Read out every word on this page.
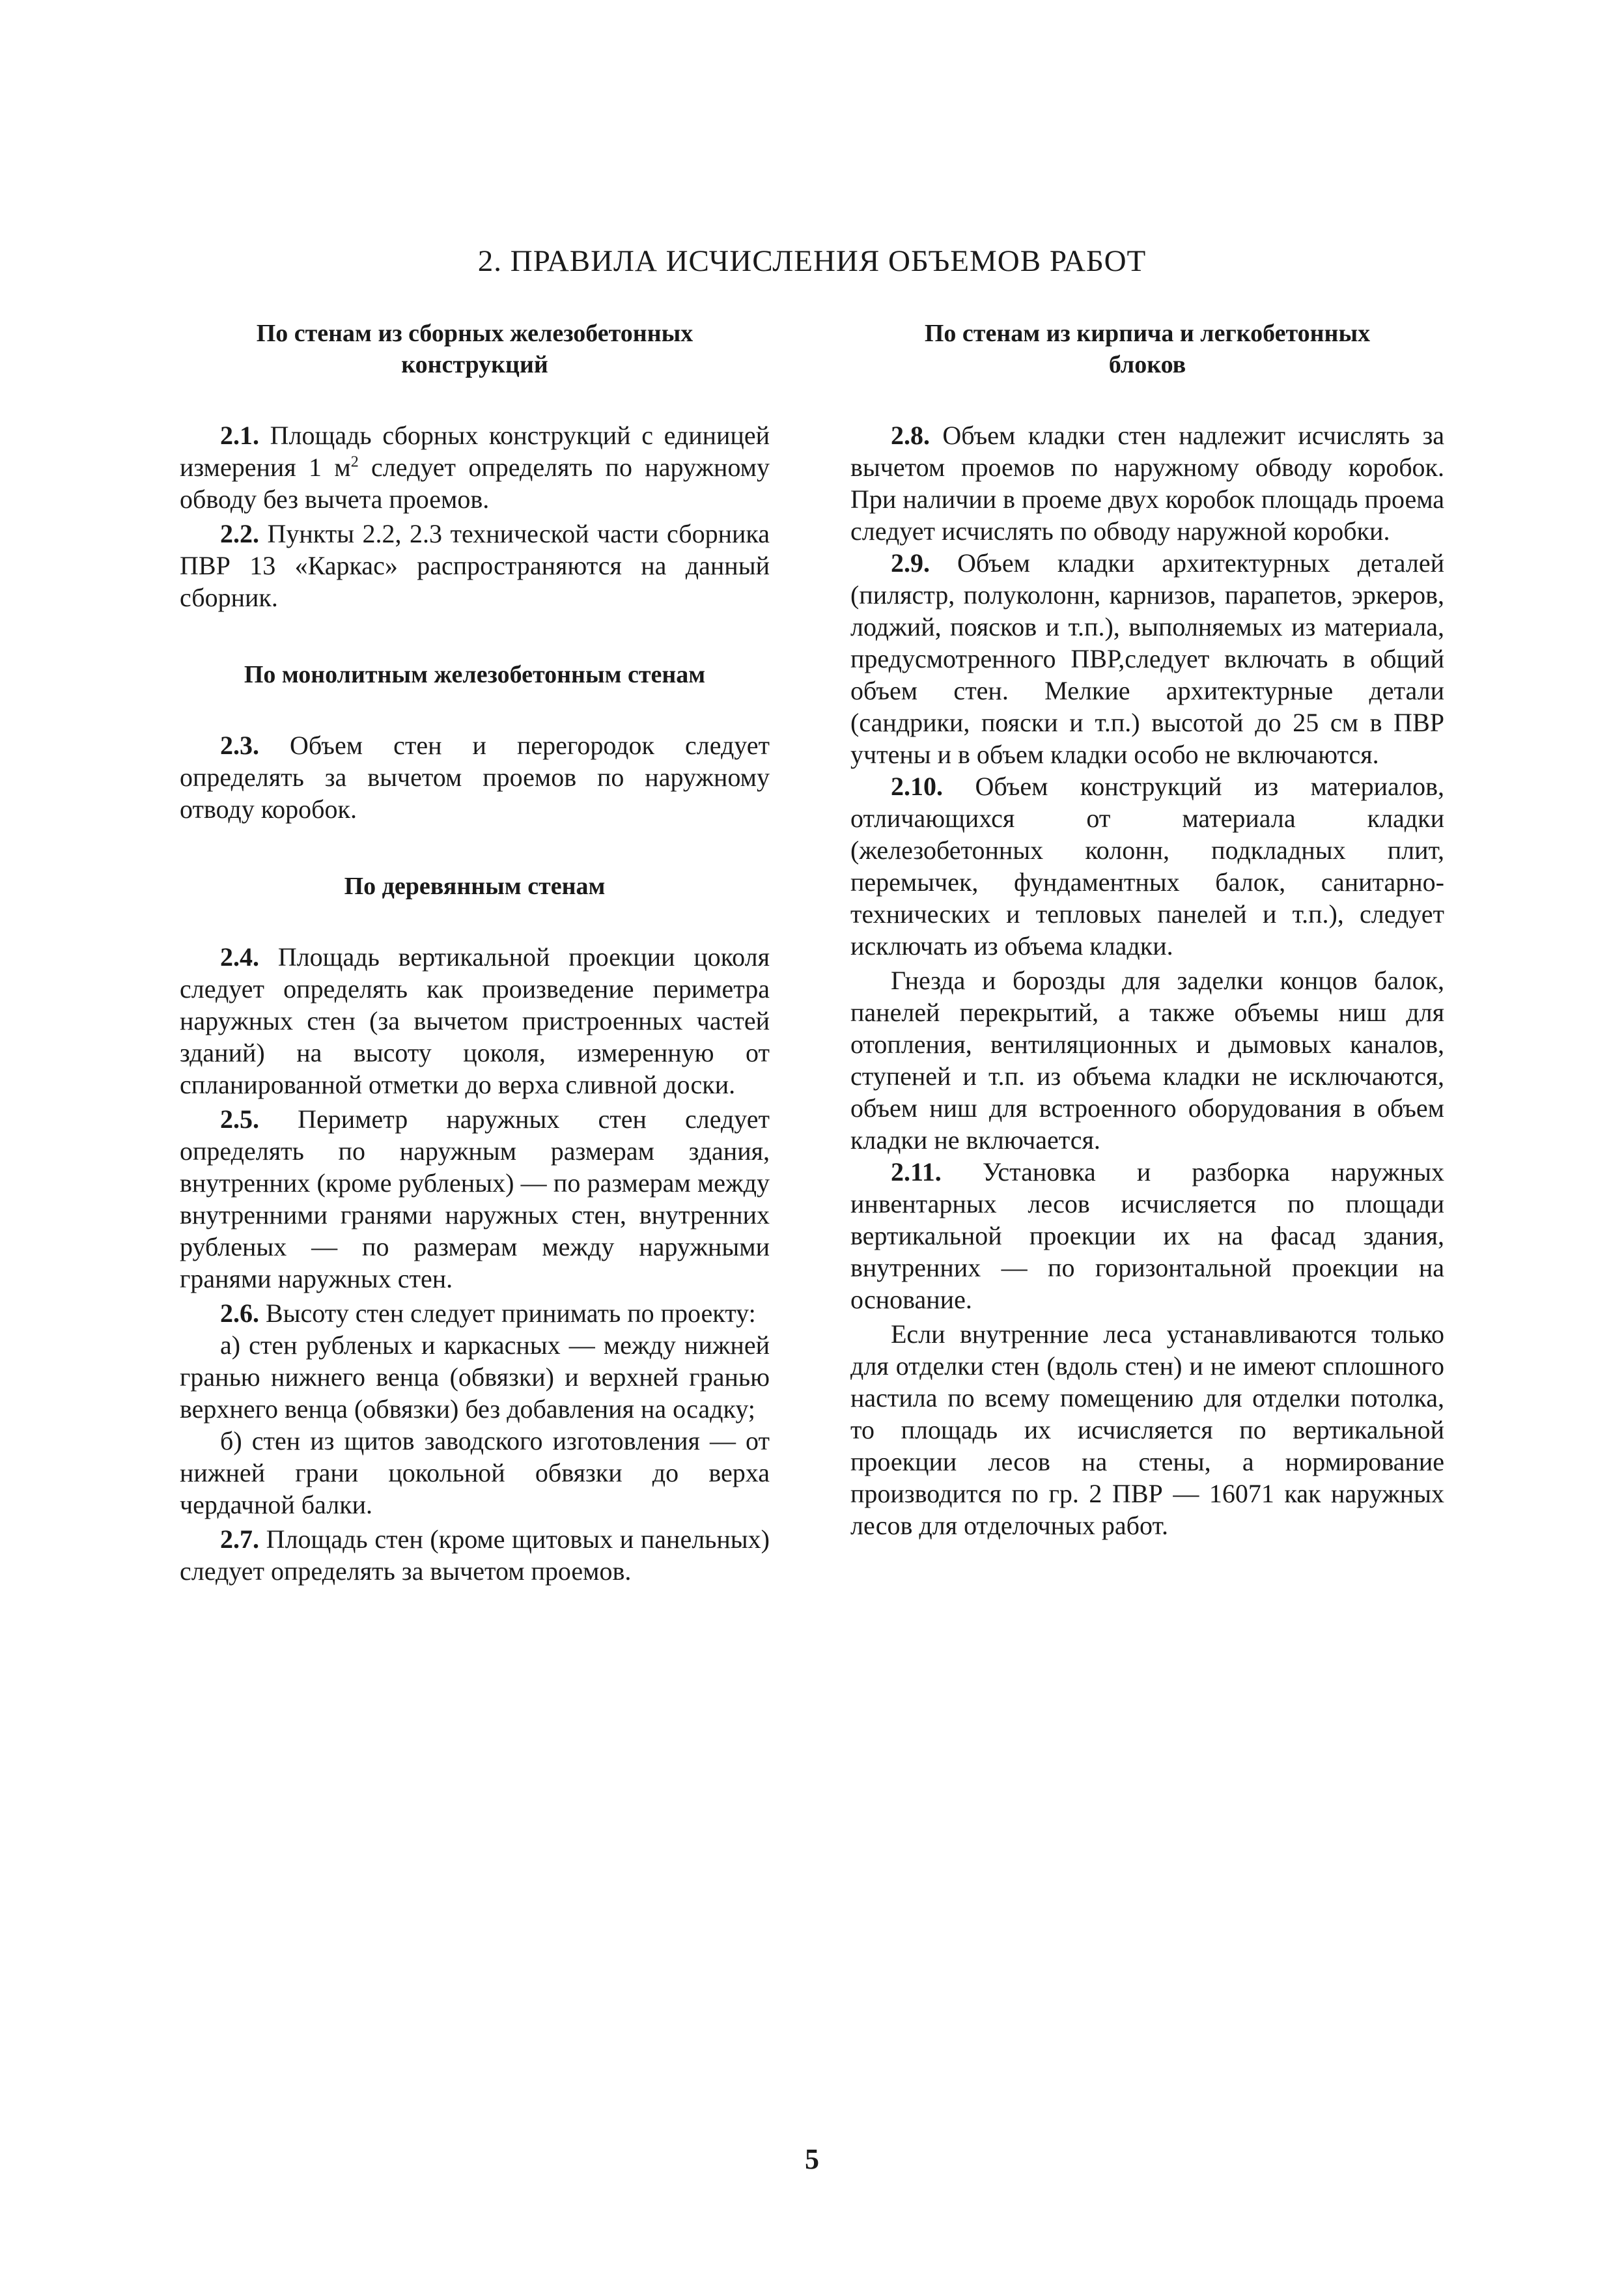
2. ПРАВИЛА ИСЧИСЛЕНИЯ ОБЪЕМОВ РАБОТ
По стенам из сборных железобетонных
конструкций

2.1. Площадь сборных конструкций с единицей измерения 1 $м^2$ следует определять по наружному обводу без вычета проемов.

2.2. Пункты 2.2, 2.3 технической части сборника ПВР 13 «Каркас» распространяются на данный сборник.

По монолитным железобетонным стенам

2.3. Объем стен и перегородок следует определять за вычетом проемов по наружному отводу коробок.

По деревянным стенам

2.4. Площадь вертикальной проекции цоколя следует определять как произведение периметра наружных стен (за вычетом пристроенных частей зданий) на высоту цоколя, измеренную от спланированной отметки до верха сливной доски.

2.5. Периметр наружных стен следует определять по наружным размерам здания, внутренних (кроме рубленых) — по размерам между внутренними гранями наружных стен, внутренних рубленых — по размерам между наружными гранями наружных стен.

2.6. Высоту стен следует принимать по проекту:

а) стен рубленых и каркасных — между нижней гранью нижнего венца (обвязки) и верхней гранью верхнего венца (обвязки) без добавления на осадку;

б) стен из щитов заводского изготовления — от нижней грани цокольной обвязки до верха чердачной балки.

2.7. Площадь стен (кроме щитовых и панельных) следует определять за вычетом проемов.

По стенам из кирпича и легкобетонных
блоков

2.8. Объем кладки стен надлежит исчислять за вычетом проемов по наружному обводу коробок. При наличии в проеме двух коробок площадь проема следует исчислять по обводу наружной коробки.

2.9. Объем кладки архитектурных деталей (пилястр, полуколонн, карнизов, парапетов, эркеров, лоджий, поясков и т.п.), выполняемых из материала, предусмотренного ПВР,следует включать в общий объем стен. Мелкие архитектурные детали (сандрики, пояски и т.п.) высотой до 25 см в ПВР учтены и в объем кладки особо не включаются.

2.10. Объем конструкций из материалов, отличающихся от материала кладки (железобетонных колонн, подкладных плит, перемычек, фундаментных балок, санитарно-технических и тепловых панелей и т.п.), следует исключать из объема кладки.

Гнезда и борозды для заделки концов балок, панелей перекрытий, а также объемы ниш для отопления, вентиляционных и дымовых каналов, ступеней и т.п. из объема кладки не исключаются, объем ниш для встроенного оборудования в объем кладки не включается.

2.11. Установка и разборка наружных инвентарных лесов исчисляется по площади вертикальной проекции их на фасад здания, внутренних — по горизонтальной проекции на основание.

Если внутренние леса устанавливаются только для отделки стен (вдоль стен) и не имеют сплошного настила по всему помещению для отделки потолка, то площадь их исчисляется по вертикальной проекции лесов на стены, а нормирование производится по гр. 2 ПВР — 16071 как наружных лесов для отделочных работ.

5
